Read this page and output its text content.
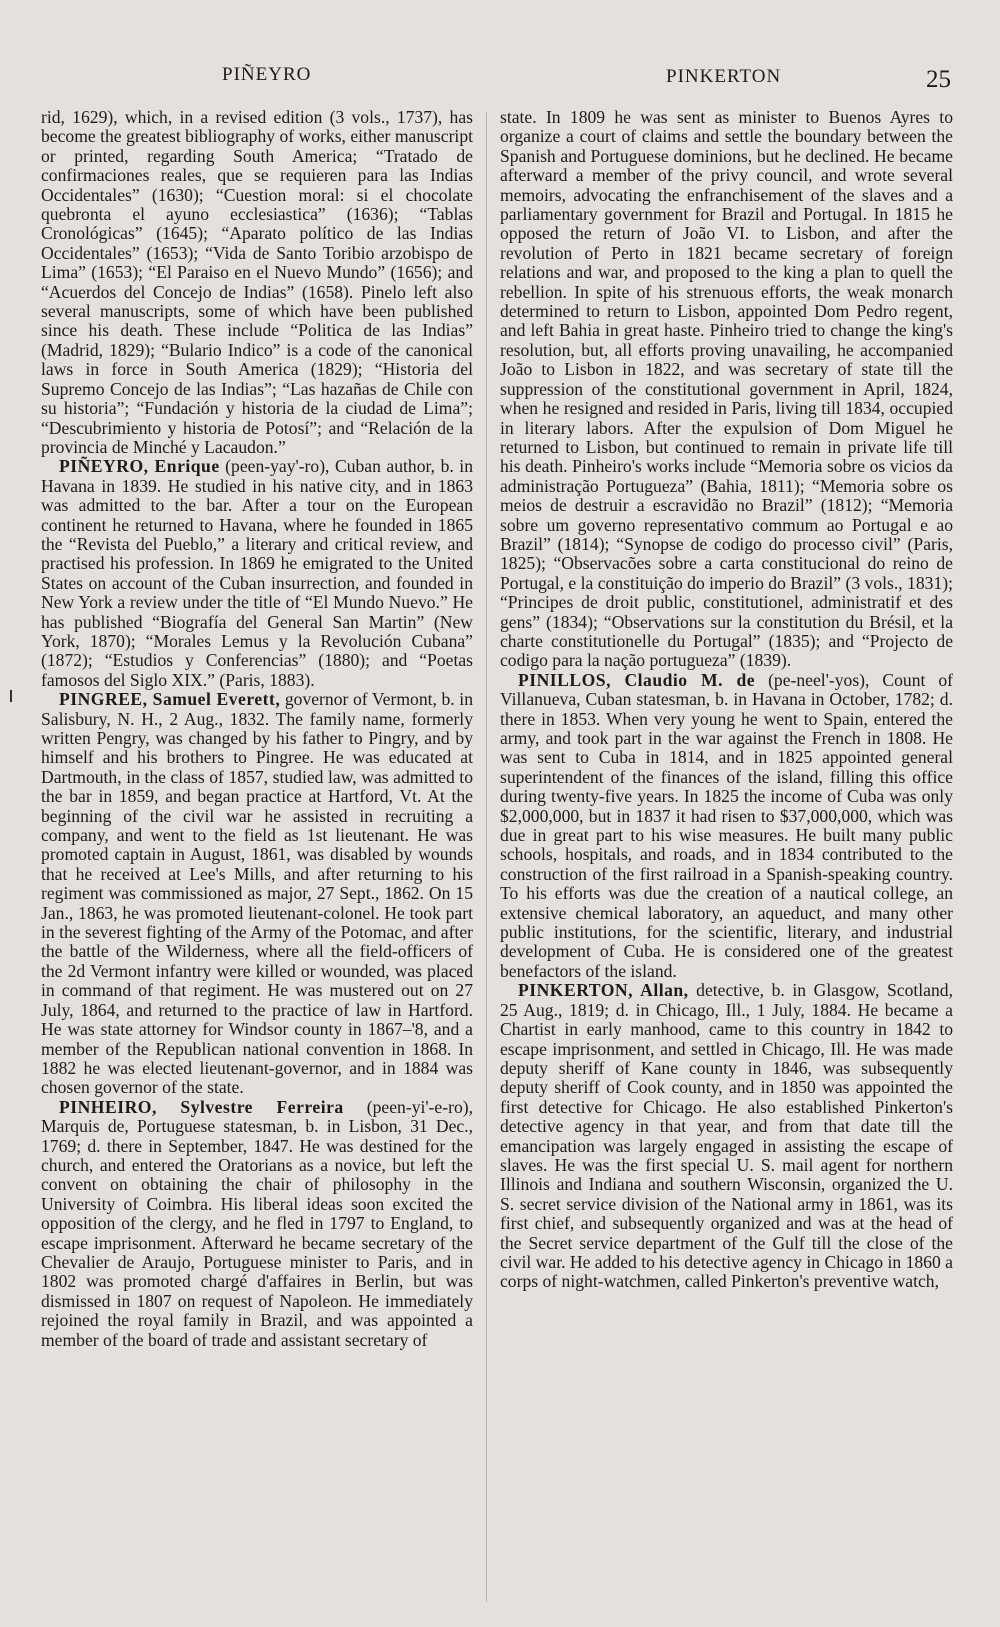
PIÑEYRO	PINKERTON	25

rid, 1629), which, in a revised edition (3 vols., 1737), has become the greatest bibliography of works, either manuscript or printed, regarding South America; “Tratado de confirmaciones reales, que se requieren para las Indias Occidentales” (1630); “Cuestion moral: si el chocolate quebronta el ayuno ecclesiastica” (1636); “Tablas Cronológicas” (1645); “Aparato político de las Indias Occidentales” (1653); “Vida de Santo Toribio arzobispo de Lima” (1653); “El Paraiso en el Nuevo Mundo” (1656); and “Acuerdos del Concejo de Indias” (1658). Pinelo left also several manuscripts, some of which have been published since his death. These include “Politica de las Indias” (Madrid, 1829); “Bulario Indico” is a code of the canonical laws in force in South America (1829); “Historia del Supremo Concejo de las Indias”; “Las hazañas de Chile con su historia”; “Fundación y historia de la ciudad de Lima”; “Descubrimiento y historia de Potosí”; and “Relación de la provincia de Minché y Lacaudon.”

PIÑEYRO, Enrique (peen-yay'-ro), Cuban author, b. in Havana in 1839. He studied in his native city, and in 1863 was admitted to the bar. After a tour on the European continent he returned to Havana, where he founded in 1865 the “Revista del Pueblo,” a literary and critical review, and practised his profession. In 1869 he emigrated to the United States on account of the Cuban insurrection, and founded in New York a review under the title of “El Mundo Nuevo.” He has published “Biografía del General San Martin” (New York, 1870); “Morales Lemus y la Revolución Cubana” (1872); “Estudios y Conferencias” (1880); and “Poetas famosos del Siglo XIX.” (Paris, 1883).

PINGREE, Samuel Everett, governor of Vermont, b. in Salisbury, N. H., 2 Aug., 1832. The family name, formerly written Pengry, was changed by his father to Pingry, and by himself and his brothers to Pingree. He was educated at Dartmouth, in the class of 1857, studied law, was admitted to the bar in 1859, and began practice at Hartford, Vt. At the beginning of the civil war he assisted in recruiting a company, and went to the field as 1st lieutenant. He was promoted captain in August, 1861, was disabled by wounds that he received at Lee's Mills, and after returning to his regiment was commissioned as major, 27 Sept., 1862. On 15 Jan., 1863, he was promoted lieutenant-colonel. He took part in the severest fighting of the Army of the Potomac, and after the battle of the Wilderness, where all the field-officers of the 2d Vermont infantry were killed or wounded, was placed in command of that regiment. He was mustered out on 27 July, 1864, and returned to the practice of law in Hartford. He was state attorney for Windsor county in 1867–'8, and a member of the Republican national convention in 1868. In 1882 he was elected lieutenant-governor, and in 1884 was chosen governor of the state.

PINHEIRO, Sylvestre Ferreira (peen-yi'-e-ro), Marquis de, Portuguese statesman, b. in Lisbon, 31 Dec., 1769; d. there in September, 1847. He was destined for the church, and entered the Oratorians as a novice, but left the convent on obtaining the chair of philosophy in the University of Coimbra. His liberal ideas soon excited the opposition of the clergy, and he fled in 1797 to England, to escape imprisonment. Afterward he became secretary of the Chevalier de Araujo, Portuguese minister to Paris, and in 1802 was promoted chargé d'affaires in Berlin, but was dismissed in 1807 on request of Napoleon. He immediately rejoined the royal family in Brazil, and was appointed a member of the board of trade and assistant secretary of

state. In 1809 he was sent as minister to Buenos Ayres to organize a court of claims and settle the boundary between the Spanish and Portuguese dominions, but he declined. He became afterward a member of the privy council, and wrote several memoirs, advocating the enfranchisement of the slaves and a parliamentary government for Brazil and Portugal. In 1815 he opposed the return of João VI. to Lisbon, and after the revolution of Perto in 1821 became secretary of foreign relations and war, and proposed to the king a plan to quell the rebellion. In spite of his strenuous efforts, the weak monarch determined to return to Lisbon, appointed Dom Pedro regent, and left Bahia in great haste. Pinheiro tried to change the king's resolution, but, all efforts proving unavailing, he accompanied João to Lisbon in 1822, and was secretary of state till the suppression of the constitutional government in April, 1824, when he resigned and resided in Paris, living till 1834, occupied in literary labors. After the expulsion of Dom Miguel he returned to Lisbon, but continued to remain in private life till his death. Pinheiro's works include “Memoria sobre os vicios da administração Portugueza” (Bahia, 1811); “Memoria sobre os meios de destruir a escravidão no Brazil” (1812); “Memoria sobre um governo representativo commum ao Portugal e ao Brazil” (1814); “Synopse de codigo do processo civil” (Paris, 1825); “Observacões sobre a carta constitucional do reino de Portugal, e la constituição do imperio do Brazil” (3 vols., 1831); “Principes de droit public, constitutionel, administratif et des gens” (1834); “Observations sur la constitution du Brésil, et la charte constitutionelle du Portugal” (1835); and “Projecto de codigo para la nação portugueza” (1839).

PINILLOS, Claudio M. de (pe-neel'-yos), Count of Villanueva, Cuban statesman, b. in Havana in October, 1782; d. there in 1853. When very young he went to Spain, entered the army, and took part in the war against the French in 1808. He was sent to Cuba in 1814, and in 1825 appointed general superintendent of the finances of the island, filling this office during twenty-five years. In 1825 the income of Cuba was only $2,000,000, but in 1837 it had risen to $37,000,000, which was due in great part to his wise measures. He built many public schools, hospitals, and roads, and in 1834 contributed to the construction of the first railroad in a Spanish-speaking country. To his efforts was due the creation of a nautical college, an extensive chemical laboratory, an aqueduct, and many other public institutions, for the scientific, literary, and industrial development of Cuba. He is considered one of the greatest benefactors of the island.

PINKERTON, Allan, detective, b. in Glasgow, Scotland, 25 Aug., 1819; d. in Chicago, Ill., 1 July, 1884. He became a Chartist in early manhood, came to this country in 1842 to escape imprisonment, and settled in Chicago, Ill. He was made deputy sheriff of Kane county in 1846, was subsequently deputy sheriff of Cook county, and in 1850 was appointed the first detective for Chicago. He also established Pinkerton's detective agency in that year, and from that date till the emancipation was largely engaged in assisting the escape of slaves. He was the first special U. S. mail agent for northern Illinois and Indiana and southern Wisconsin, organized the U. S. secret service division of the National army in 1861, was its first chief, and subsequently organized and was at the head of the Secret service department of the Gulf till the close of the civil war. He added to his detective agency in Chicago in 1860 a corps of night-watchmen, called Pinkerton's preventive watch,
